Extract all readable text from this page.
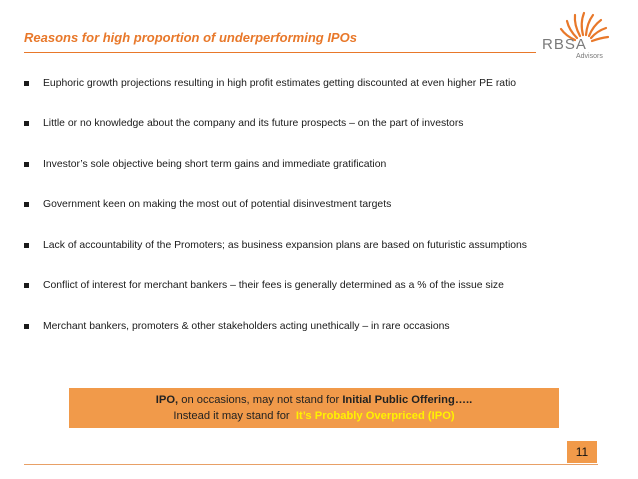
Reasons for high proportion of underperforming IPOs	RBSA
Advisors
Euphoric growth projections resulting in high profit estimates getting discounted at even higher PE ratio
Little or no knowledge about the company and its future prospects – on the part of investors
Investor’s sole objective being short term gains and immediate gratification
Government keen on making the most out of potential disinvestment targets
Lack of accountability of the Promoters; as business expansion plans are based on futuristic assumptions
Conflict of interest for merchant bankers – their fees is generally determined as a % of the issue size
Merchant bankers, promoters & other stakeholders acting unethically – in rare occasions
IPO, on occasions, may not stand for Initial Public Offering…..
Instead it may stand for It’s Probably Overpriced (IPO)
11
